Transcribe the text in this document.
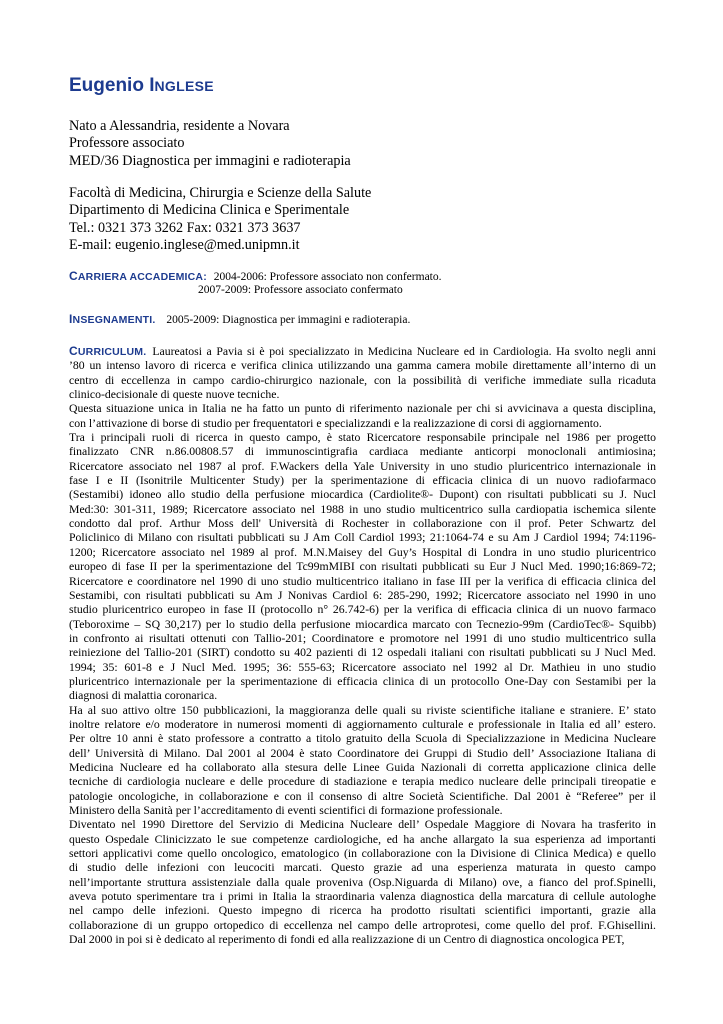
Eugenio INGLESE
Nato a Alessandria, residente a Novara
Professore associato
MED/36 Diagnostica per immagini e radioterapia
Facoltà di Medicina, Chirurgia e Scienze della Salute
Dipartimento di Medicina Clinica e Sperimentale
Tel.: 0321 373 3262 Fax: 0321 373 3637
E-mail: eugenio.inglese@med.unipmn.it
CARRIERA ACCADEMICA: 2004-2006: Professore associato non confermato.
2007-2009: Professore associato confermato
INSEGNAMENTI. 2005-2009: Diagnostica per immagini e radioterapia.
CURRICULUM. Laureatosi a Pavia si è poi specializzato in Medicina Nucleare ed in Cardiologia. Ha svolto negli anni
’80 un intenso lavoro di ricerca e verifica clinica utilizzando una gamma camera mobile direttamente all’interno di un
centro di eccellenza in campo cardio-chirurgico nazionale, con la possibilità di verifiche immediate sulla ricaduta
clinico-decisionale di queste nuove tecniche.
Questa situazione unica in Italia ne ha fatto un punto di riferimento nazionale per chi si avvicinava a questa disciplina,
con l’attivazione di borse di studio per frequentatori e specializzandi e la realizzazione di corsi di aggiornamento.
Tra i principali ruoli di ricerca in questo campo, è stato Ricercatore responsabile principale nel 1986 per progetto
finalizzato CNR n.86.00808.57 di immunoscintigrafia cardiaca mediante anticorpi monoclonali antimiosina;
Ricercatore associato nel 1987 al prof. F.Wackers della Yale University in uno studio pluricentrico internazionale in
fase I e II (Isonitrile Multicenter Study) per la sperimentazione di efficacia clinica di un nuovo radiofarmaco
(Sestamibi) idoneo allo studio della perfusione miocardica (Cardiolite®- Dupont) con risultati pubblicati su J. Nucl
Med:30: 301-311, 1989; Ricercatore associato nel 1988 in uno studio multicentrico sulla cardiopatia ischemica silente
condotto dal prof. Arthur Moss dell' Università di Rochester in collaborazione con il prof. Peter Schwartz del
Policlinico di Milano con risultati pubblicati su J Am Coll Cardiol 1993; 21:1064-74 e su Am J Cardiol 1994; 74:1196-
1200; Ricercatore associato nel 1989 al prof. M.N.Maisey del Guy’s Hospital di Londra in uno studio pluricentrico
europeo di fase II per la sperimentazione del Tc99mMIBI con risultati pubblicati su Eur J Nucl Med. 1990;16:869-72;
Ricercatore e coordinatore nel 1990 di uno studio multicentrico italiano in fase III per la verifica di efficacia clinica del
Sestamibi, con risultati pubblicati su Am J Nonivas Cardiol 6: 285-290, 1992; Ricercatore associato nel 1990 in uno
studio pluricentrico europeo in fase II (protocollo n° 26.742-6) per la verifica di efficacia clinica di un nuovo farmaco
(Teboroxime – SQ 30,217) per lo studio della perfusione miocardica marcato con Tecnezio-99m (CardioTec®- Squibb)
in confronto ai risultati ottenuti con Tallio-201; Coordinatore e promotore nel 1991 di uno studio multicentrico sulla
reiniezione del Tallio-201 (SIRT) condotto su 402 pazienti di 12 ospedali italiani con risultati pubblicati su J Nucl Med.
1994; 35: 601-8 e J Nucl Med. 1995; 36: 555-63; Ricercatore associato nel 1992 al Dr. Mathieu in uno studio
pluricentrico internazionale per la sperimentazione di efficacia clinica di un protocollo One-Day con Sestamibi per la
diagnosi di malattia coronarica.
Ha al suo attivo oltre 150 pubblicazioni, la maggioranza delle quali su riviste scientifiche italiane e straniere. E’ stato
inoltre relatore e/o moderatore in numerosi momenti di aggiornamento culturale e professionale in Italia ed all’ estero.
Per oltre 10 anni è stato professore a contratto a titolo gratuito della Scuola di Specializzazione in Medicina Nucleare
dell’ Università di Milano. Dal 2001 al 2004 è stato Coordinatore dei Gruppi di Studio dell’ Associazione Italiana di
Medicina Nucleare ed ha collaborato alla stesura delle Linee Guida Nazionali di corretta applicazione clinica delle
tecniche di cardiologia nucleare e delle procedure di stadiazione e terapia medico nucleare delle principali tireopatie e
patologie oncologiche, in collaborazione e con il consenso di altre Società Scientifiche. Dal 2001 è “Referee” per il
Ministero della Sanità per l’accreditamento di eventi scientifici di formazione professionale.
Diventato nel 1990 Direttore del Servizio di Medicina Nucleare dell’ Ospedale Maggiore di Novara ha trasferito in
questo Ospedale Clinicizzato le sue competenze cardiologiche, ed ha anche allargato la sua esperienza ad importanti
settori applicativi come quello oncologico, ematologico (in collaborazione con la Divisione di Clinica Medica) e quello
di studio delle infezioni con leucociti marcati. Questo grazie ad una esperienza maturata in questo campo
nell’importante struttura assistenziale dalla quale proveniva (Osp.Niguarda di Milano) ove, a fianco del prof.Spinelli,
aveva potuto sperimentare tra i primi in Italia la straordinaria valenza diagnostica della marcatura di cellule autologhe
nel campo delle infezioni. Questo impegno di ricerca ha prodotto risultati scientifici importanti, grazie alla
collaborazione di un gruppo ortopedico di eccellenza nel campo delle artroprotesi, come quello del prof. F.Ghisellini.
Dal 2000 in poi si è dedicato al reperimento di fondi ed alla realizzazione di un Centro di diagnostica oncologica PET,
